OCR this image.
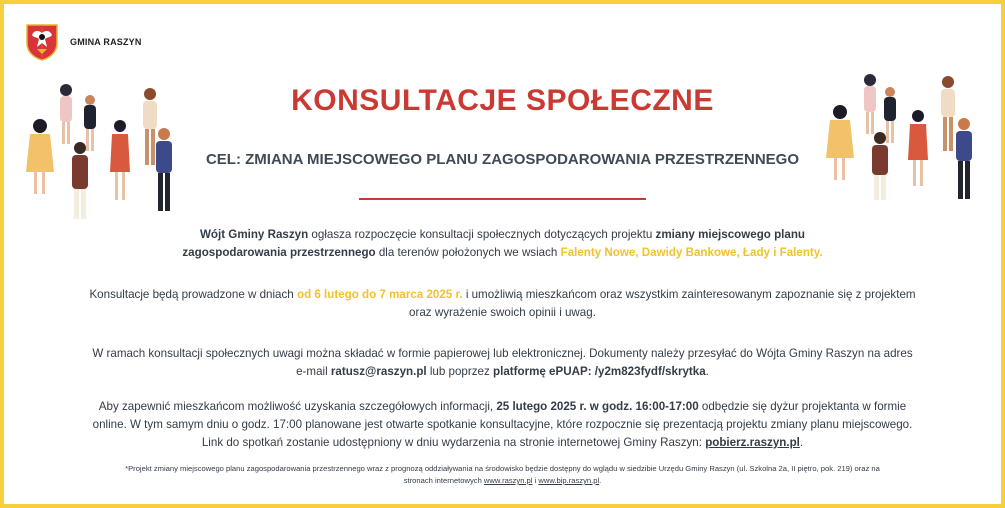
GMINA RASZYN
KONSULTACJE SPOŁECZNE
CEL: ZMIANA MIEJSCOWEGO PLANU ZAGOSPODAROWANIA PRZESTRZENNEGO
Wójt Gminy Raszyn ogłasza rozpoczęcie konsultacji społecznych dotyczących projektu zmiany miejscowego planu
zagospodarowania przestrzennego dla terenów położonych we wsiach Falenty Nowe, Dawidy Bankowe, Łady i Falenty.
Konsultacje będą prowadzone w dniach od 6 lutego do 7 marca 2025 r. i umożliwią mieszkańcom oraz wszystkim zainteresowanym zapoznanie się z projektem
oraz wyrażenie swoich opinii i uwag.
W ramach konsultacji społecznych uwagi można składać w formie papierowej lub elektronicznej. Dokumenty należy przesyłać do Wójta Gminy Raszyn na adres
e-mail ratusz@raszyn.pl lub poprzez platformę ePUAP: /y2m823fydf/skrytka.
Aby zapewnić mieszkańcom możliwość uzyskania szczegółowych informacji, 25 lutego 2025 r. w godz. 16:00-17:00 odbędzie się dyżur projektanta w formie
online. W tym samym dniu o godz. 17:00 planowane jest otwarte spotkanie konsultacyjne, które rozpocznie się prezentacją projektu zmiany planu miejscowego.
Link do spotkań zostanie udostępniony w dniu wydarzenia na stronie internetowej Gminy Raszyn: pobierz.raszyn.pl.
*Projekt zmiany miejscowego planu zagospodarowania przestrzennego wraz z prognozą oddziaływania na środowisko będzie dostępny do wglądu w siedzibie Urzędu Gminy Raszyn (ul. Szkolna 2a, II piętro, pok. 219) oraz na
stronach internetowych www.raszyn.pl i www.bip.raszyn.pl.
